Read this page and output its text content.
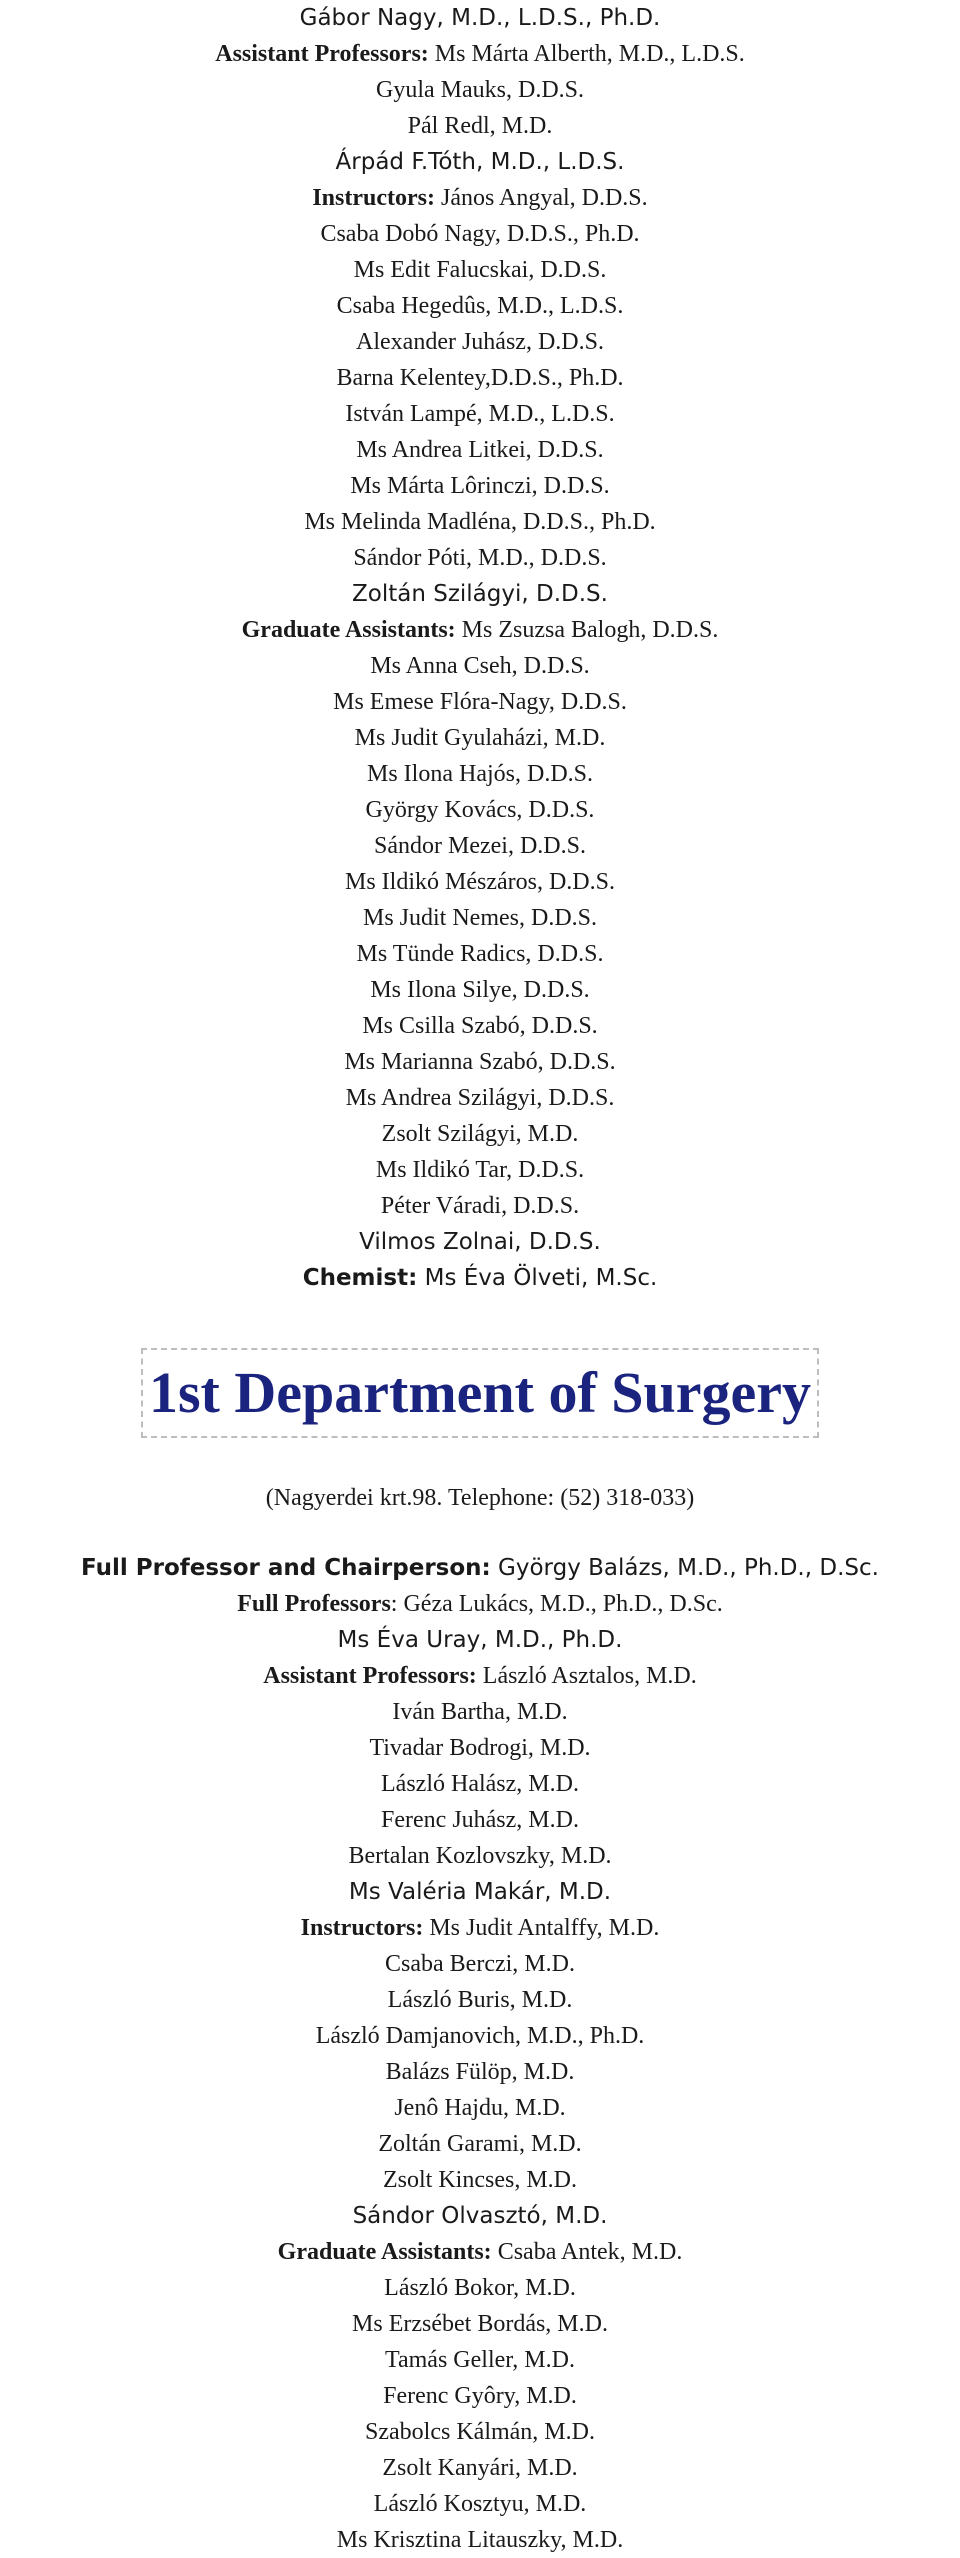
Gábor Nagy, M.D., L.D.S., Ph.D.
Assistant Professors: Ms Márta Alberth, M.D., L.D.S.
Gyula Mauks, D.D.S.
Pál Redl, M.D.
Árpád F.Tóth, M.D., L.D.S.
Instructors: János Angyal, D.D.S.
Csaba Dobó Nagy, D.D.S., Ph.D.
Ms Edit Falucskai, D.D.S.
Csaba Hegedûs, M.D., L.D.S.
Alexander Juhász, D.D.S.
Barna Kelentey,D.D.S., Ph.D.
István Lampé, M.D., L.D.S.
Ms Andrea Litkei, D.D.S.
Ms Márta Lôrinczi, D.D.S.
Ms Melinda Madléna, D.D.S., Ph.D.
Sándor Póti, M.D., D.D.S.
Zoltán Szilágyi, D.D.S.
Graduate Assistants: Ms Zsuzsa Balogh, D.D.S.
Ms Anna Cseh, D.D.S.
Ms Emese Flóra-Nagy, D.D.S.
Ms Judit Gyulaházi, M.D.
Ms Ilona Hajós, D.D.S.
György Kovács, D.D.S.
Sándor Mezei, D.D.S.
Ms Ildikó Mészáros, D.D.S.
Ms Judit Nemes, D.D.S.
Ms Tünde Radics, D.D.S.
Ms Ilona Silye, D.D.S.
Ms Csilla Szabó, D.D.S.
Ms Marianna Szabó, D.D.S.
Ms Andrea Szilágyi, D.D.S.
Zsolt Szilágyi, M.D.
Ms Ildikó Tar, D.D.S.
Péter Váradi, D.D.S.
Vilmos Zolnai, D.D.S.
Chemist: Ms Éva Ölveti, M.Sc.
1st Department of Surgery
(Nagyerdei krt.98. Telephone: (52) 318-033)
Full Professor and Chairperson: György Balázs, M.D., Ph.D., D.Sc.
Full Professors: Géza Lukács, M.D., Ph.D., D.Sc.
Ms Éva Uray, M.D., Ph.D.
Assistant Professors: László Asztalos, M.D.
Iván Bartha, M.D.
Tivadar Bodrogi, M.D.
László Halász, M.D.
Ferenc Juhász, M.D.
Bertalan Kozlovszky, M.D.
Ms Valéria Makár, M.D.
Instructors: Ms Judit Antalffy, M.D.
Csaba Berczi, M.D.
László Buris, M.D.
László Damjanovich, M.D., Ph.D.
Balázs Fülöp, M.D.
Jenô Hajdu, M.D.
Zoltán Garami, M.D.
Zsolt Kincses, M.D.
Sándor Olvasztó, M.D.
Graduate Assistants: Csaba Antek, M.D.
László Bokor, M.D.
Ms Erzsébet Bordás, M.D.
Tamás Geller, M.D.
Ferenc Gyôry, M.D.
Szabolcs Kálmán, M.D.
Zsolt Kanyári, M.D.
László Kosztyu, M.D.
Ms Krisztina Litauszky, M.D.
